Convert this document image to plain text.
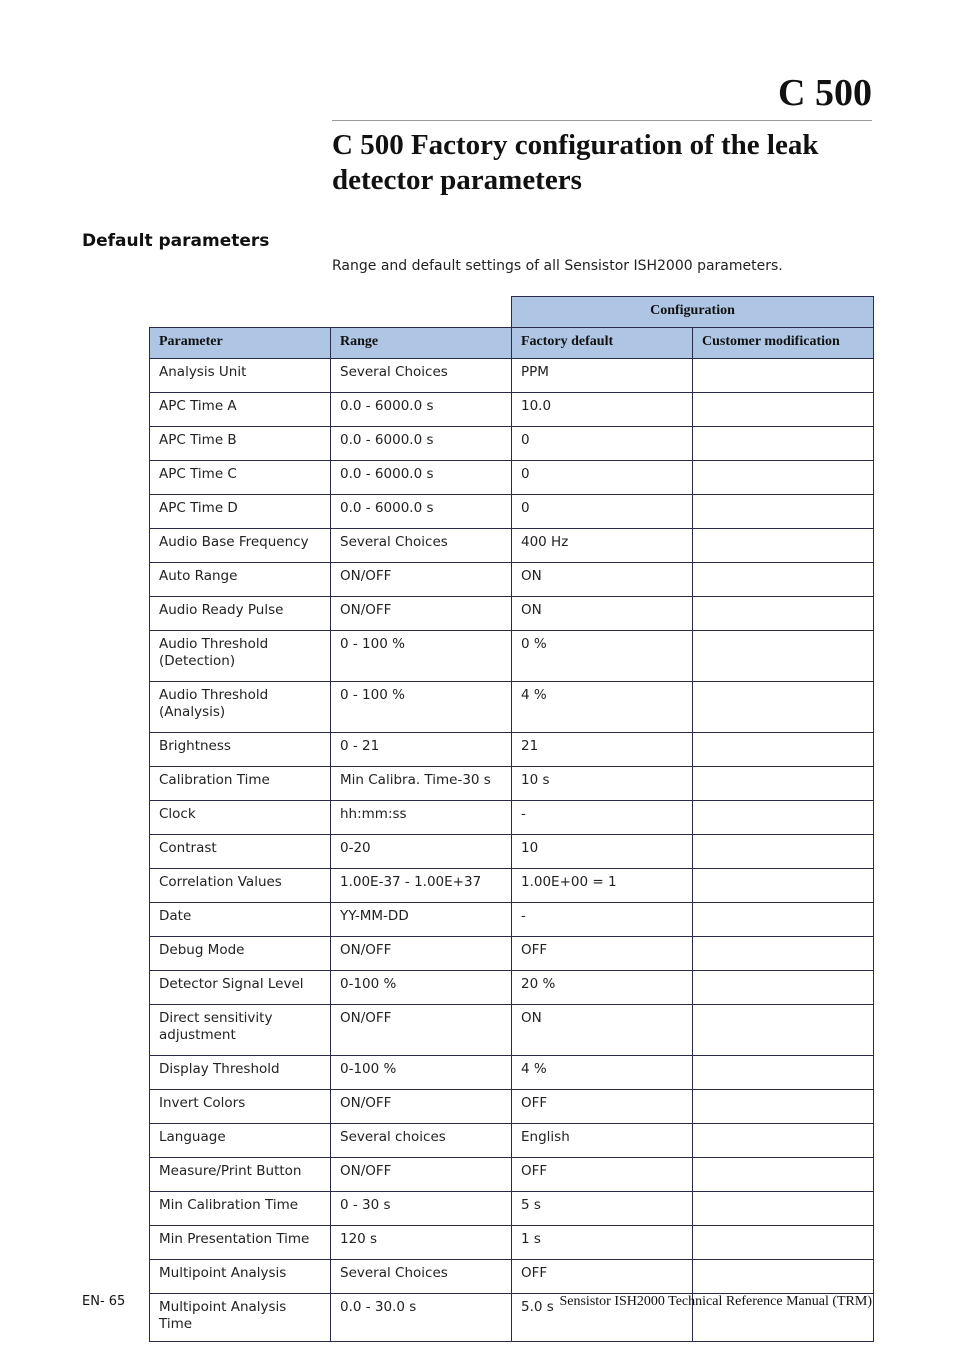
C 500
C 500 Factory configuration of the leak detector parameters
Default parameters
Range and default settings of all Sensistor ISH2000 parameters.
		Configuration	
Parameter	Range	Factory default	Customer modification
Analysis Unit	Several Choices	PPM	
APC Time A	0.0 - 6000.0 s	10.0	
APC Time B	0.0 - 6000.0 s	0	
APC Time C	0.0 - 6000.0 s	0	
APC Time D	0.0 - 6000.0 s	0	
Audio Base Frequency	Several Choices	400 Hz	
Auto Range	ON/OFF	ON	
Audio Ready Pulse	ON/OFF	ON	
Audio Threshold (Detection)	0 - 100 %	0 %	
Audio Threshold (Analysis)	0 - 100 %	4 %	
Brightness	0 - 21	21	
Calibration Time	Min Calibra. Time-30 s	10 s	
Clock	hh:mm:ss	-	
Contrast	0-20	10	
Correlation Values	1.00E-37 - 1.00E+37	1.00E+00 = 1	
Date	YY-MM-DD	-	
Debug Mode	ON/OFF	OFF	
Detector Signal Level	0-100 %	20 %	
Direct sensitivity adjustment	ON/OFF	ON	
Display Threshold	0-100 %	4 %	
Invert Colors	ON/OFF	OFF	
Language	Several choices	English	
Measure/Print Button	ON/OFF	OFF	
Min Calibration Time	0 - 30 s	5 s	
Min Presentation Time	120 s	1 s	
Multipoint Analysis	Several Choices	OFF	
Multipoint Analysis Time	0.0 - 30.0 s	5.0 s	
EN- 65	Sensistor ISH2000 Technical Reference Manual (TRM)
